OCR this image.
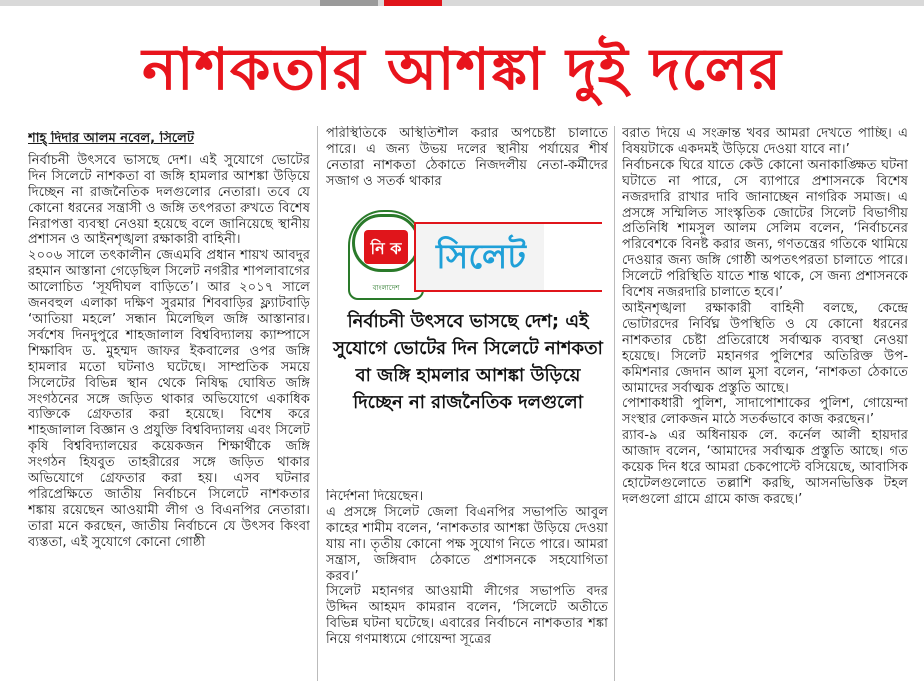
নাশকতার আশঙ্কা দুই দলের

শাহ্ দিদার আলম নবেল, সিলেট

নির্বাচনী উৎসবে ভাসছে দেশ। এই সুযোগে ভোটের দিন সিলেটে নাশকতা বা জঙ্গি হামলার আশঙ্কা উড়িয়ে দিচ্ছেন না রাজনৈতিক দলগুলোর নেতারা। তবে যে কোনো ধরনের সন্ত্রাসী ও জঙ্গি তৎপরতা রুখতে বিশেষ নিরাপত্তা ব্যবস্থা নেওয়া হয়েছে বলে জানিয়েছে স্থানীয় প্রশাসন ও আইনশৃঙ্খলা রক্ষাকারী বাহিনী।

২০০৬ সালে তৎকালীন জেএমবি প্রধান শায়খ আবদুর রহমান আস্তানা গেড়েছিল সিলেট নগরীর শাপলাবাগের আলোচিত ‘সূর্যদীঘল বাড়িতে’। আর ২০১৭ সালে জনবহুল এলাকা দক্ষিণ সুরমার শিববাড়ির ফ্ল্যাটবাড়ি ‘আতিয়া মহলে’ সন্ধান মিলেছিল জঙ্গি আস্তানার। সর্বশেষ দিনদুপুরে শাহজালাল বিশ্ববিদ্যালয় ক্যাম্পাসে শিক্ষাবিদ ড. মুহম্মদ জাফর ইকবালের ওপর জঙ্গি হামলার মতো ঘটনাও ঘটেছে। সাম্প্রতিক সময়ে সিলেটের বিভিন্ন স্থান থেকে নিষিদ্ধ ঘোষিত জঙ্গি সংগঠনের সঙ্গে জড়িত থাকার অভিযোগে একাধিক ব্যক্তিকে গ্রেফতার করা হয়েছে। বিশেষ করে শাহজালাল বিজ্ঞান ও প্রযুক্তি বিশ্ববিদ্যালয় এবং সিলেট কৃষি বিশ্ববিদ্যালয়ের কয়েকজন শিক্ষার্থীকে জঙ্গি সংগঠন হিযবুত তাহরীরের সঙ্গে জড়িত থাকার অভিযোগে গ্রেফতার করা হয়। এসব ঘটনার পরিপ্রেক্ষিতে জাতীয় নির্বাচনে সিলেটে নাশকতার শঙ্কায় রয়েছেন আওয়ামী লীগ ও বিএনপির নেতারা। তারা মনে করছেন, জাতীয় নির্বাচনে যে উৎসব কিংবা ব্যস্ততা, এই সুযোগে কোনো গোষ্ঠী

পরিস্থিতিকে অস্থিতিশীল করার অপচেষ্টা চালাতে পারে। এ জন্য উভয় দলের স্থানীয় পর্যায়ের শীর্ষ নেতারা নাশকতা ঠেকাতে নিজদলীয় নেতা-কর্মীদের সজাগ ও সতর্ক থাকার

নি ক
বাংলাদেশ
সিলেট
নির্বাচনী উৎসবে ভাসছে দেশ; এই সুযোগে ভোটের দিন সিলেটে নাশকতা বা জঙ্গি হামলার আশঙ্কা উড়িয়ে দিচ্ছেন না রাজনৈতিক দলগুলো

নির্দেশনা দিয়েছেন।

এ প্রসঙ্গে সিলেট জেলা বিএনপির সভাপতি আবুল কাহের শামীম বলেন, ‘নাশকতার আশঙ্কা উড়িয়ে দেওয়া যায় না। তৃতীয় কোনো পক্ষ সুযোগ নিতে পারে। আমরা সন্ত্রাস, জঙ্গিবাদ ঠেকাতে প্রশাসনকে সহযোগিতা করব।’

সিলেট মহানগর আওয়ামী লীগের সভাপতি বদর উদ্দিন আহমদ কামরান বলেন, ‘সিলেটে অতীতে বিভিন্ন ঘটনা ঘটেছে। এবারের নির্বাচনে নাশকতার শঙ্কা নিয়ে গণমাধ্যমে গোয়েন্দা সূত্রের

বরাত দিয়ে এ সংক্রান্ত খবর আমরা দেখতে পাচ্ছি। এ বিষয়টাকে একদমই উড়িয়ে দেওয়া যাবে না।’

নির্বাচনকে ঘিরে যাতে কেউ কোনো অনাকাঙ্ক্ষিত ঘটনা ঘটাতে না পারে, সে ব্যাপারে প্রশাসনকে বিশেষ নজরদারি রাখার দাবি জানাচ্ছেন নাগরিক সমাজ। এ প্রসঙ্গে সম্মিলিত সাংস্কৃতিক জোটের সিলেট বিভাগীয় প্রতিনিধি শামসুল আলম সেলিম বলেন, ‘নির্বাচনের পরিবেশকে বিনষ্ট করার জন্য, গণতন্ত্রের গতিকে থামিয়ে দেওয়ার জন্য জঙ্গি গোষ্ঠী অপতৎপরতা চালাতে পারে। সিলেটে পরিস্থিতি যাতে শান্ত থাকে, সে জন্য প্রশাসনকে বিশেষ নজরদারি চালাতে হবে।’

আইনশৃঙ্খলা রক্ষাকারী বাহিনী বলছে, কেন্দ্রে ভোটারদের নির্বিঘ্ন উপস্থিতি ও যে কোনো ধরনের নাশকতার চেষ্টা প্রতিরোধে সর্বাত্মক ব্যবস্থা নেওয়া হয়েছে। সিলেট মহানগর পুলিশের অতিরিক্ত উপ-কমিশনার জেদান আল মুসা বলেন, ‘নাশকতা ঠেকাতে আমাদের সর্বাত্মক প্রস্তুতি আছে।

পোশাকধারী পুলিশ, সাদাপোশাকের পুলিশ, গোয়েন্দা সংস্থার লোকজন মাঠে সতর্কভাবে কাজ করছেন।’

র‍্যাব-৯ এর অধিনায়ক লে. কর্নেল আলী হায়দার আজাদ বলেন, ‘আমাদের সর্বাত্মক প্রস্তুতি আছে। গত কয়েক দিন ধরে আমরা চেকপোস্টে বসিয়েছে, আবাসিক হোটেলগুলোতে তল্লাশি করছি, আসনভিত্তিক টহল দলগুলো গ্রামে গ্রামে কাজ করছে।’
